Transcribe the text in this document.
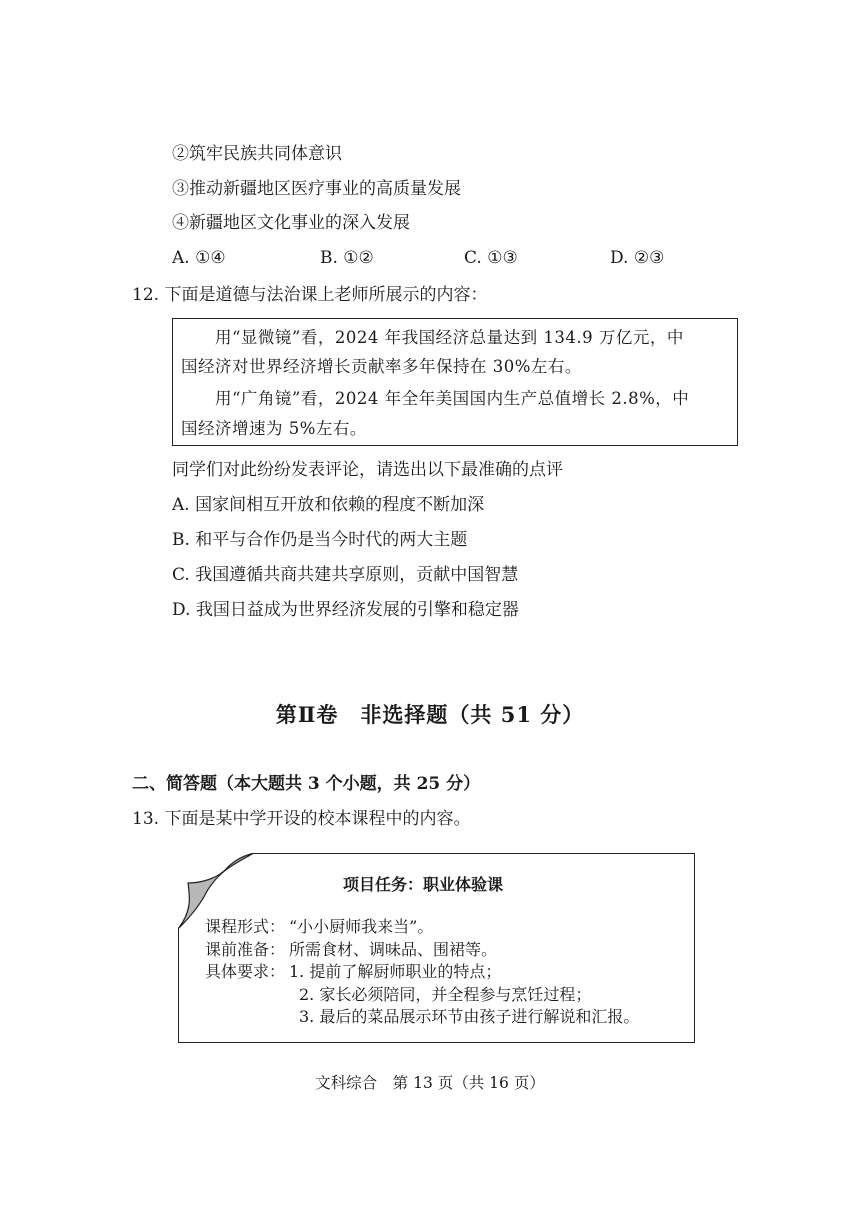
②筑牢民族共同体意识
③推动新疆地区医疗事业的高质量发展
④新疆地区文化事业的深入发展
A. ①④	B. ①②	C. ①③	D. ②③
12. 下面是道德与法治课上老师所展示的内容：
用“显微镜”看，2024 年我国经济总量达到 134.9 万亿元，中
国经济对世界经济增长贡献率多年保持在 30%左右。
用“广角镜”看，2024 年全年美国国内生产总值增长 2.8%，中
国经济增速为 5%左右。
同学们对此纷纷发表评论，请选出以下最准确的点评
A. 国家间相互开放和依赖的程度不断加深
B. 和平与合作仍是当今时代的两大主题
C. 我国遵循共商共建共享原则，贡献中国智慧
D. 我国日益成为世界经济发展的引擎和稳定器
第Ⅱ卷　非选择题（共 51 分）
二、简答题（本大题共 3 个小题，共 25 分）
13. 下面是某中学开设的校本课程中的内容。
项目任务：职业体验课
课程形式： “小小厨师我来当”。
课前准备： 所需食材、调味品、围裙等。
具体要求： 1. 提前了解厨师职业的特点；
2. 家长必须陪同，并全程参与烹饪过程；
3. 最后的菜品展示环节由孩子进行解说和汇报。
文科综合　第 13 页（共 16 页）
